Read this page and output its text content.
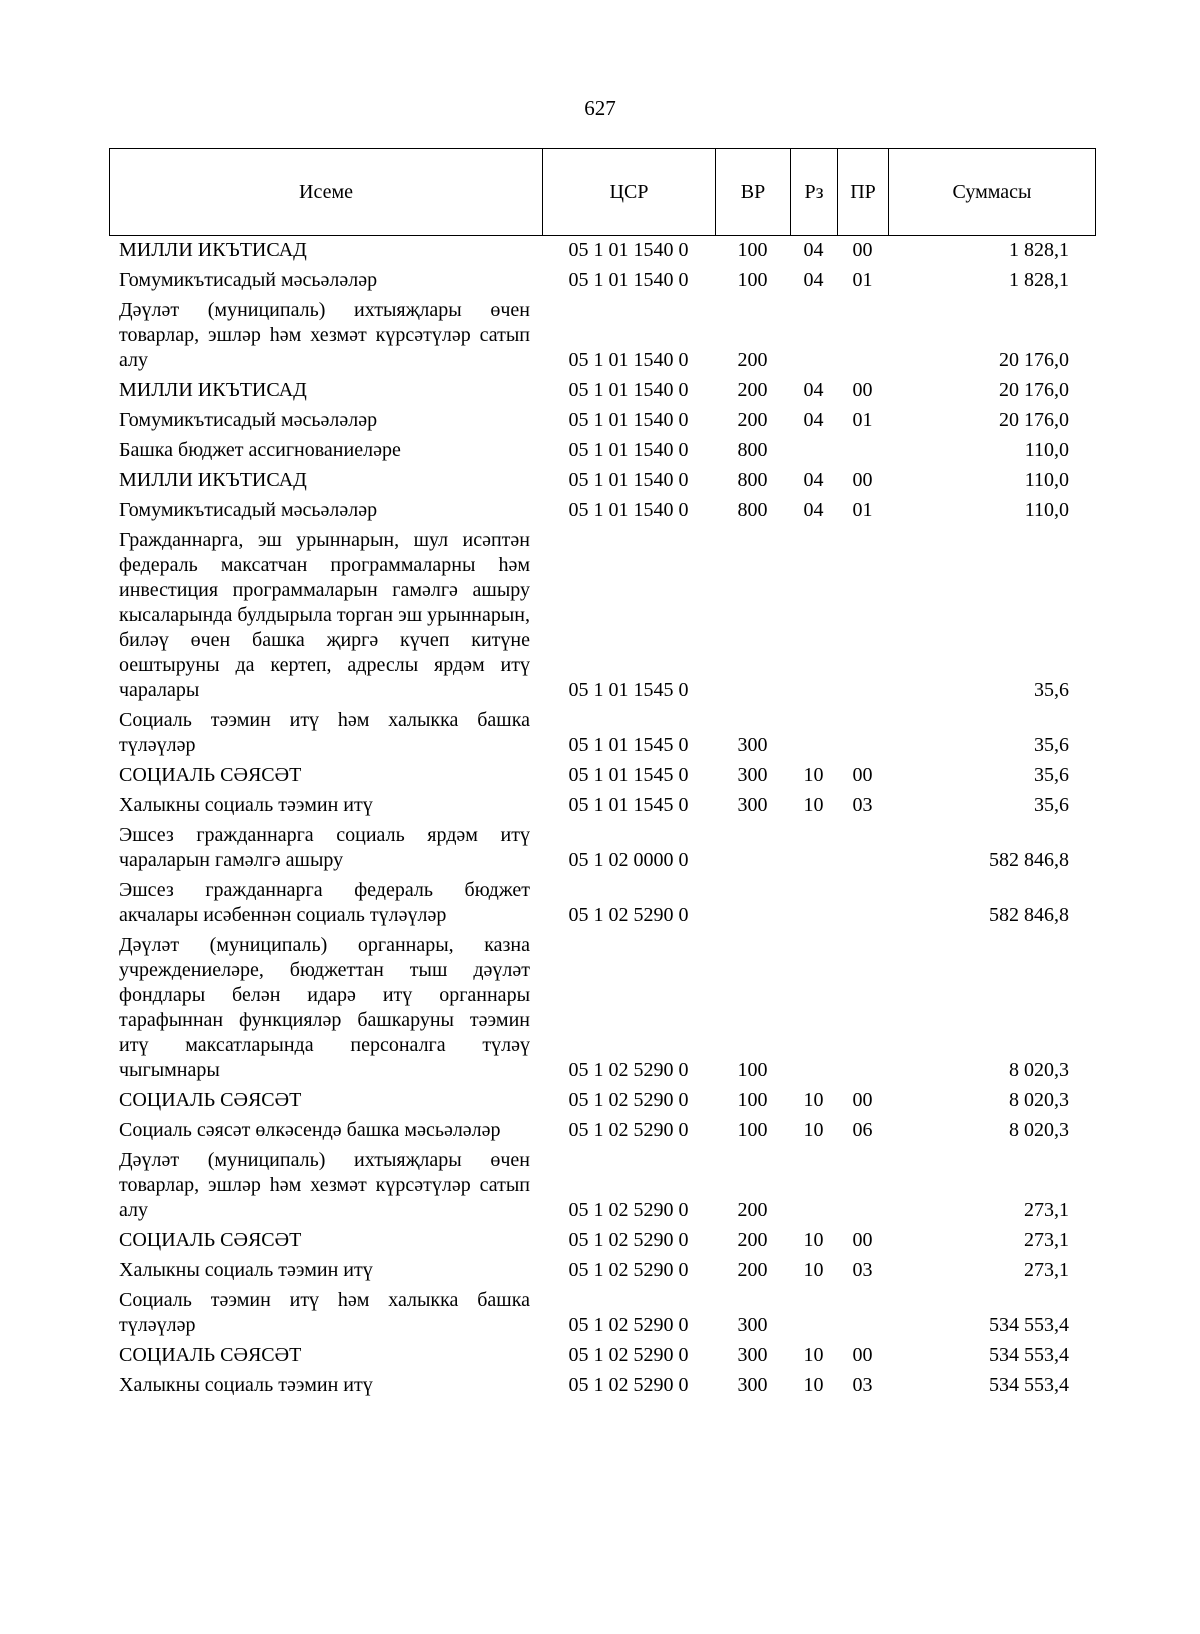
627
Исеме	ЦСР	ВР	Рз	ПР	Суммасы
МИЛЛИ ИКЪТИСАД	05 1 01 1540 0	100	04	00	1 828,1
Гомумикътисадый мәсьәләләр	05 1 01 1540 0	100	04	01	1 828,1
Дәүләт (муниципаль) ихтыяҗлары өчен товарлар, эшләр һәм хезмәт күрсәтүләр сатып алу	05 1 01 1540 0	200			20 176,0
МИЛЛИ ИКЪТИСАД	05 1 01 1540 0	200	04	00	20 176,0
Гомумикътисадый мәсьәләләр	05 1 01 1540 0	200	04	01	20 176,0
Башка бюджет ассигнованиеләре	05 1 01 1540 0	800			110,0
МИЛЛИ ИКЪТИСАД	05 1 01 1540 0	800	04	00	110,0
Гомумикътисадый мәсьәләләр	05 1 01 1540 0	800	04	01	110,0
Гражданнарга, эш урыннарын, шул исәптән федераль максатчан программаларны һәм инвестиция программаларын гамәлгә ашыру кысаларында булдырыла торган эш урыннарын, биләү өчен башка җиргә күчеп китүне оештыруны да кертеп, адреслы ярдәм итү чаралары	05 1 01 1545 0				35,6
Социаль тәэмин итү һәм халыкка башка түләүләр	05 1 01 1545 0	300			35,6
СОЦИАЛЬ СӘЯСӘТ	05 1 01 1545 0	300	10	00	35,6
Халыкны социаль тәэмин итү	05 1 01 1545 0	300	10	03	35,6
Эшсез гражданнарга социаль ярдәм итү чараларын гамәлгә ашыру	05 1 02 0000 0				582 846,8
Эшсез гражданнарга федераль бюджет акчалары исәбеннән социаль түләүләр	05 1 02 5290 0				582 846,8
Дәүләт (муниципаль) органнары, казна учреждениеләре, бюджеттан тыш дәүләт фондлары белән идарә итү органнары тарафыннан функцияләр башкаруны тәэмин итү максатларында персоналга түләү чыгымнары	05 1 02 5290 0	100			8 020,3
СОЦИАЛЬ СӘЯСӘТ	05 1 02 5290 0	100	10	00	8 020,3
Социаль сәясәт өлкәсендә башка мәсьәләләр	05 1 02 5290 0	100	10	06	8 020,3
Дәүләт (муниципаль) ихтыяҗлары өчен товарлар, эшләр һәм хезмәт күрсәтүләр сатып алу	05 1 02 5290 0	200			273,1
СОЦИАЛЬ СӘЯСӘТ	05 1 02 5290 0	200	10	00	273,1
Халыкны социаль тәэмин итү	05 1 02 5290 0	200	10	03	273,1
Социаль тәэмин итү һәм халыкка башка түләүләр	05 1 02 5290 0	300			534 553,4
СОЦИАЛЬ СӘЯСӘТ	05 1 02 5290 0	300	10	00	534 553,4
Халыкны социаль тәэмин итү	05 1 02 5290 0	300	10	03	534 553,4
